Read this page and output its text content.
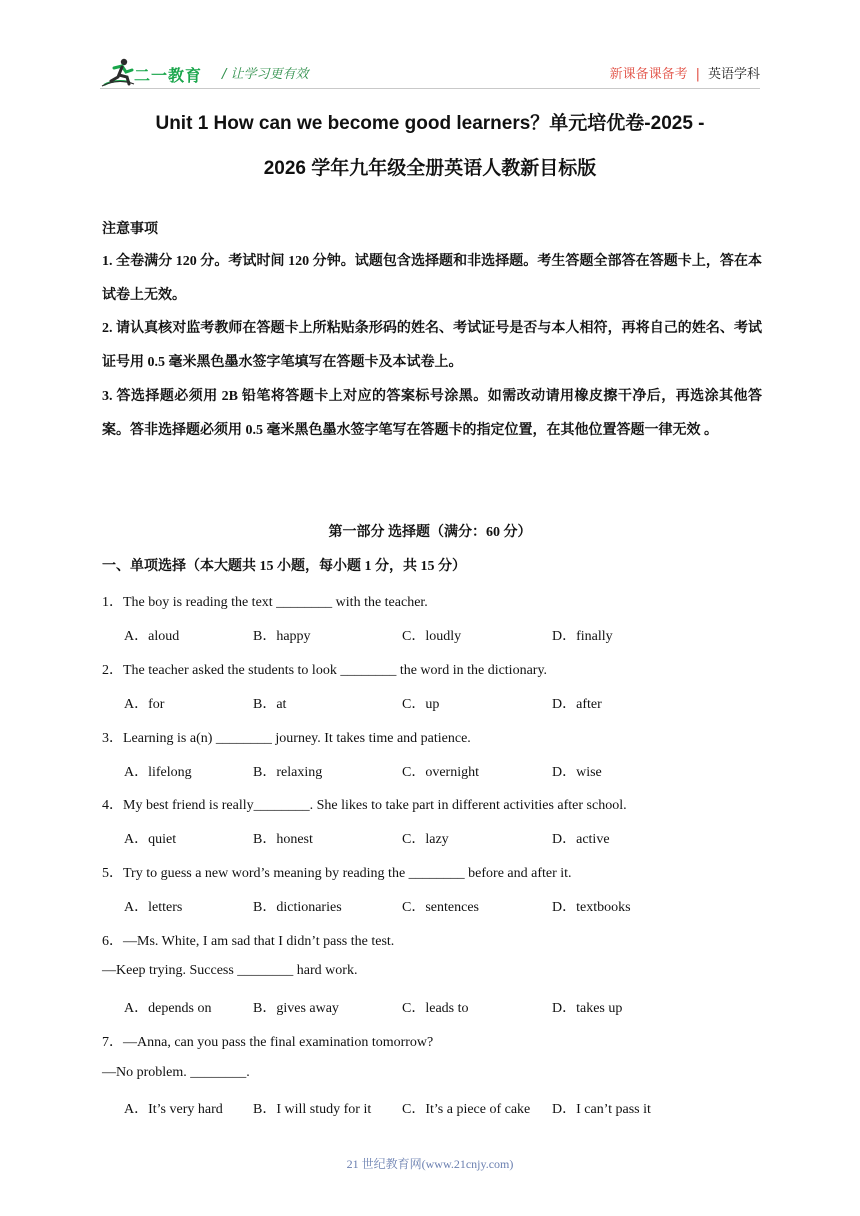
二一教育 / 让学习更有效	新课备课备考 | 英语学科
Unit 1 How can we become good learners？单元培优卷-2025 -
2026 学年九年级全册英语人教新目标版
注意事项
1. 全卷满分 120 分。考试时间 120 分钟。试题包含选择题和非选择题。考生答题全部答在答题卡上，答在本试卷上无效。
2. 请认真核对监考教师在答题卡上所粘贴条形码的姓名、考试证号是否与本人相符，再将自己的姓名、考试证号用 0.5 毫米黑色墨水签字笔填写在答题卡及本试卷上。
3. 答选择题必须用 2B 铅笔将答题卡上对应的答案标号涂黑。如需改动请用橡皮擦干净后，再选涂其他答案。答非选择题必须用 0.5 毫米黑色墨水签字笔写在答题卡的指定位置，在其他位置答题一律无效 。
第一部分 选择题（满分：60 分）
一、单项选择（本大题共 15 小题，每小题 1 分，共 15 分）
1．The boy is reading the text ________ with the teacher.
A．aloud	B．happy	C．loudly	D．finally
2．The teacher asked the students to look ________ the word in the dictionary.
A．for	B．at	C．up	D．after
3．Learning is a(n) ________ journey. It takes time and patience.
A．lifelong	B．relaxing	C．overnight	D．wise
4．My best friend is really________. She likes to take part in different activities after school.
A．quiet	B．honest	C．lazy	D．active
5．Try to guess a new word’s meaning by reading the ________ before and after it.
A．letters	B．dictionaries	C．sentences	D．textbooks
6．—Ms. White, I am sad that I didn’t pass the test.
—Keep trying. Success ________ hard work.
A．depends on	B．gives away	C．leads to	D．takes up
7．—Anna, can you pass the final examination tomorrow?
—No problem. ________.
A．It’s very hard B．I will study for it C．It’s a piece of cake D．I can’t pass it
21 世纪教育网(www.21cnjy.com)
